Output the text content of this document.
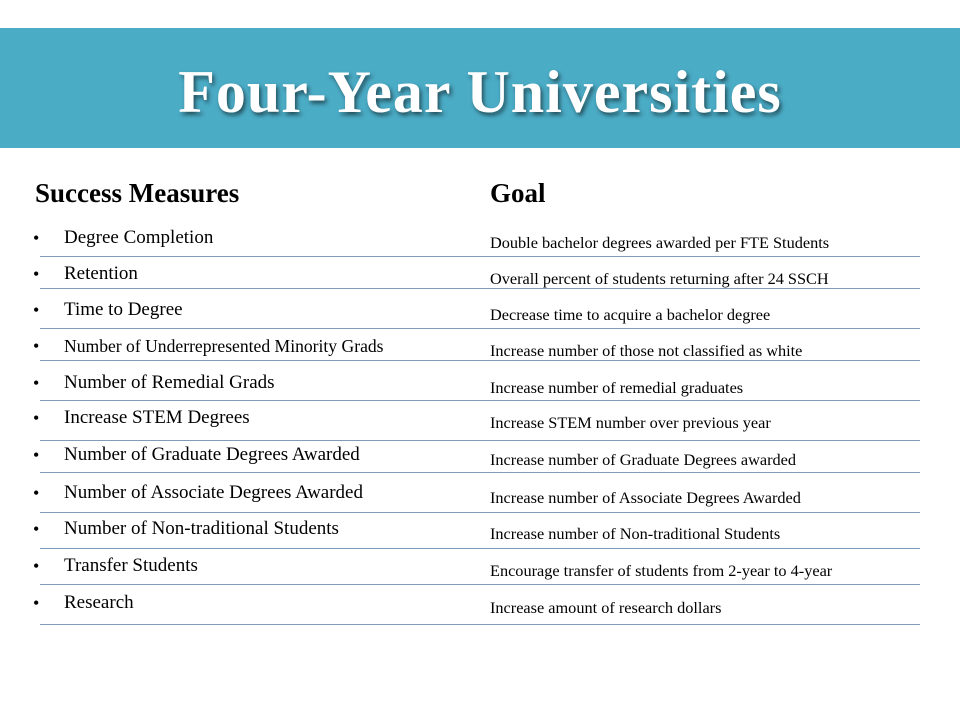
Four-Year Universities
Success Measures	Goal
• Degree Completion	Double bachelor degrees awarded per FTE Students
• Retention	Overall percent of students returning after 24 SSCH
• Time to Degree	Decrease time to acquire a bachelor degree
• Number of Underrepresented Minority Grads	Increase number of those not classified as white
• Number of Remedial Grads	Increase number of remedial graduates
• Increase STEM Degrees	Increase STEM number over previous year
• Number of Graduate Degrees Awarded	Increase number of Graduate Degrees awarded
• Number of Associate Degrees Awarded	Increase number of Associate Degrees Awarded
• Number of Non-traditional Students	Increase number of Non-traditional Students
• Transfer Students	Encourage transfer of students from 2-year to 4-year
• Research	Increase amount of research dollars
